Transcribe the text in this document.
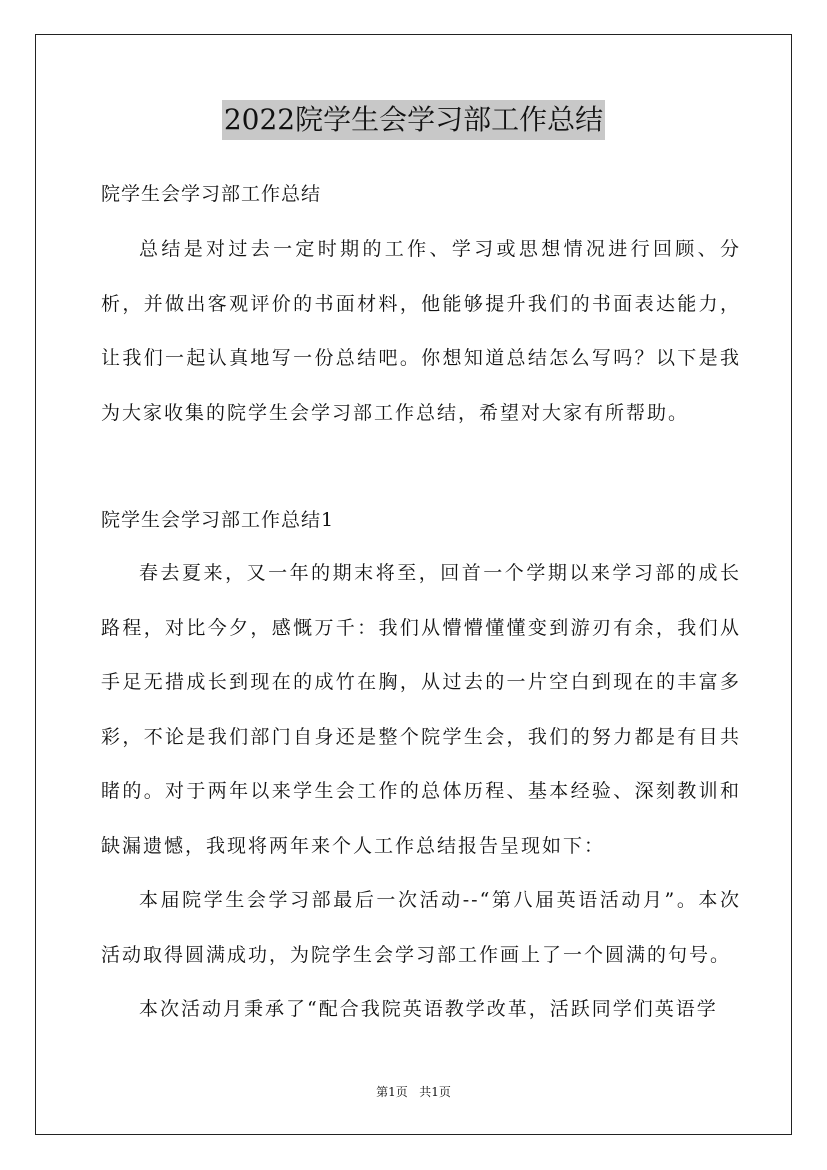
2022院学生会学习部工作总结
院学生会学习部工作总结

总结是对过去一定时期的工作、学习或思想情况进行回顾、分析，并做出客观评价的书面材料，他能够提升我们的书面表达能力，让我们一起认真地写一份总结吧。你想知道总结怎么写吗？以下是我为大家收集的院学生会学习部工作总结，希望对大家有所帮助。

院学生会学习部工作总结1

春去夏来，又一年的期末将至，回首一个学期以来学习部的成长路程，对比今夕，感慨万千：我们从懵懵懂懂变到游刃有余，我们从手足无措成长到现在的成竹在胸，从过去的一片空白到现在的丰富多彩，不论是我们部门自身还是整个院学生会，我们的努力都是有目共睹的。对于两年以来学生会工作的总体历程、基本经验、深刻教训和缺漏遗憾，我现将两年来个人工作总结报告呈现如下：

本届院学生会学习部最后一次活动--“第八届英语活动月”。本次活动取得圆满成功，为院学生会学习部工作画上了一个圆满的句号。

本次活动月秉承了“配合我院英语教学改革，活跃同学们英语学

第1页 共1页
